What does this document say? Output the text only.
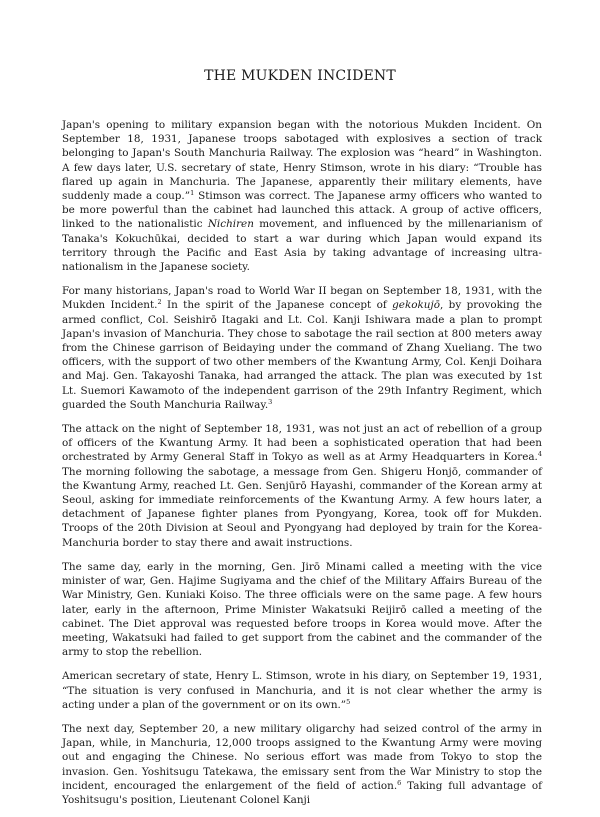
THE MUKDEN INCIDENT

Japan's opening to military expansion began with the notorious Mukden Incident. On September 18, 1931, Japanese troops sabotaged with explosives a section of track belonging to Japan's South Manchuria Railway. The explosion was “heard” in Washington. A few days later, U.S. secretary of state, Henry Stimson, wrote in his diary: “Trouble has flared up again in Manchuria. The Japanese, apparently their military elements, have suddenly made a coup.”$^1$ Stimson was correct. The Japanese army officers who wanted to be more powerful than the cabinet had launched this attack. A group of active officers, linked to the nationalistic Nichiren movement, and influenced by the millenarianism of Tanaka's Kokuchūkai, decided to start a war during which Japan would expand its territory through the Pacific and East Asia by taking advantage of increasing ultra-nationalism in the Japanese society.

For many historians, Japan's road to World War II began on September 18, 1931, with the Mukden Incident.$^2$ In the spirit of the Japanese concept of gekokujō, by provoking the armed conflict, Col. Seishirō Itagaki and Lt. Col. Kanji Ishiwara made a plan to prompt Japan's invasion of Manchuria. They chose to sabotage the rail section at 800 meters away from the Chinese garrison of Beidaying under the command of Zhang Xueliang. The two officers, with the support of two other members of the Kwantung Army, Col. Kenji Doihara and Maj. Gen. Takayoshi Tanaka, had arranged the attack. The plan was executed by 1st Lt. Suemori Kawamoto of the independent garrison of the 29th Infantry Regiment, which guarded the South Manchuria Railway.$^3$

The attack on the night of September 18, 1931, was not just an act of rebellion of a group of officers of the Kwantung Army. It had been a sophisticated operation that had been orchestrated by Army General Staff in Tokyo as well as at Army Headquarters in Korea.$^4$ The morning following the sabotage, a message from Gen. Shigeru Honjō, commander of the Kwantung Army, reached Lt. Gen. Senjūrō Hayashi, commander of the Korean army at Seoul, asking for immediate reinforcements of the Kwantung Army. A few hours later, a detachment of Japanese fighter planes from Pyongyang, Korea, took off for Mukden. Troops of the 20th Division at Seoul and Pyongyang had deployed by train for the Korea-Manchuria border to stay there and await instructions.

The same day, early in the morning, Gen. Jirō Minami called a meeting with the vice minister of war, Gen. Hajime Sugiyama and the chief of the Military Affairs Bureau of the War Ministry, Gen. Kuniaki Koiso. The three officials were on the same page. A few hours later, early in the afternoon, Prime Minister Wakatsuki Reijirō called a meeting of the cabinet. The Diet approval was requested before troops in Korea would move. After the meeting, Wakatsuki had failed to get support from the cabinet and the commander of the army to stop the rebellion.

American secretary of state, Henry L. Stimson, wrote in his diary, on September 19, 1931, “The situation is very confused in Manchuria, and it is not clear whether the army is acting under a plan of the government or on its own.”$^5$

The next day, September 20, a new military oligarchy had seized control of the army in Japan, while, in Manchuria, 12,000 troops assigned to the Kwantung Army were moving out and engaging the Chinese. No serious effort was made from Tokyo to stop the invasion. Gen. Yoshitsugu Tatekawa, the emissary sent from the War Ministry to stop the incident, encouraged the enlargement of the field of action.$^6$ Taking full advantage of Yoshitsugu's position, Lieutenant Colonel Kanji
